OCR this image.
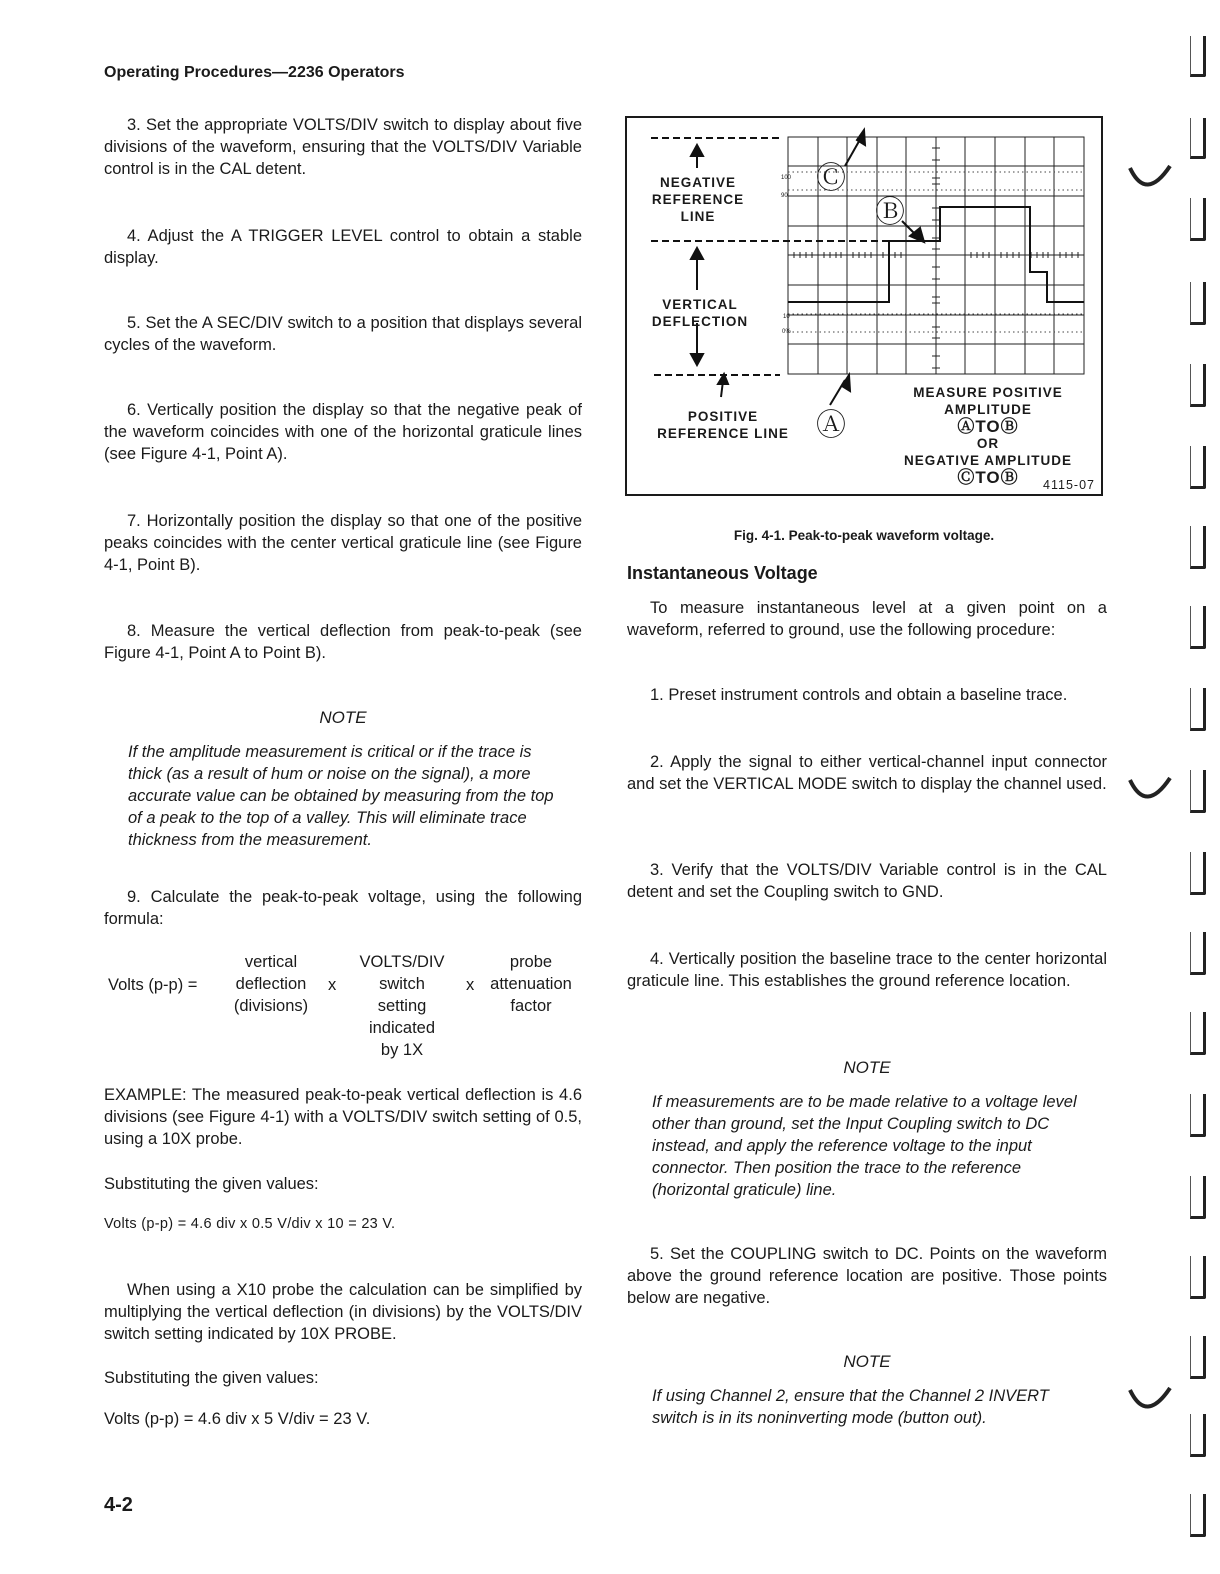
Operating Procedures—2236 Operators

3. Set the appropriate VOLTS/DIV switch to display about five divisions of the waveform, ensuring that the VOLTS/DIV Variable control is in the CAL detent.

4. Adjust the A TRIGGER LEVEL control to obtain a stable display.

5. Set the A SEC/DIV switch to a position that displays several cycles of the waveform.

6. Vertically position the display so that the negative peak of the waveform coincides with one of the horizontal graticule lines (see Figure 4-1, Point A).

7. Horizontally position the display so that one of the positive peaks coincides with the center vertical graticule line (see Figure 4-1, Point B).

8. Measure the vertical deflection from peak-to-peak (see Figure 4-1, Point A to Point B).

NOTE

If the amplitude measurement is critical or if the trace is thick (as a result of hum or noise on the signal), a more accurate value can be obtained by measuring from the top of a peak to the top of a valley. This will eliminate trace thickness from the measurement.

9. Calculate the peak-to-peak voltage, using the following formula:

Volts (p-p) =
vertical
deflection
(divisions)
x
VOLTS/DIV
switch
setting
indicated
by 1X
x
probe
attenuation
factor

EXAMPLE: The measured peak-to-peak vertical deflection is 4.6 divisions (see Figure 4-1) with a VOLTS/DIV switch setting of 0.5, using a 10X probe.

Substituting the given values:

Volts (p-p) = 4.6 div x 0.5 V/div x 10 = 23 V.

When using a X10 probe the calculation can be simplified by multiplying the vertical deflection (in divisions) by the VOLTS/DIV switch setting indicated by 10X PROBE.

Substituting the given values:

Volts (p-p) = 4.6 div x 5 V/div = 23 V.
4-2
100
90
10
0%
NEGATIVE
REFERENCE
LINE
VERTICAL
DEFLECTION
POSITIVE
REFERENCE LINE
Ⓒ
Ⓑ
Ⓐ
MEASURE POSITIVE
AMPLITUDE
ⒶTOⒷ
OR
NEGATIVE AMPLITUDE
ⒸTOⒷ	4115-07
Fig. 4-1. Peak-to-peak waveform voltage.
Instantaneous Voltage

To measure instantaneous level at a given point on a waveform, referred to ground, use the following procedure:

1. Preset instrument controls and obtain a baseline trace.

2. Apply the signal to either vertical-channel input connector and set the VERTICAL MODE switch to display the channel used.

3. Verify that the VOLTS/DIV Variable control is in the CAL detent and set the Coupling switch to GND.

4. Vertically position the baseline trace to the center horizontal graticule line. This establishes the ground reference location.

NOTE

If measurements are to be made relative to a voltage level other than ground, set the Input Coupling switch to DC instead, and apply the reference voltage to the input connector. Then position the trace to the reference (horizontal graticule) line.

5. Set the COUPLING switch to DC. Points on the waveform above the ground reference location are positive. Those points below are negative.

NOTE

If using Channel 2, ensure that the Channel 2 INVERT switch is in its noninverting mode (button out).
